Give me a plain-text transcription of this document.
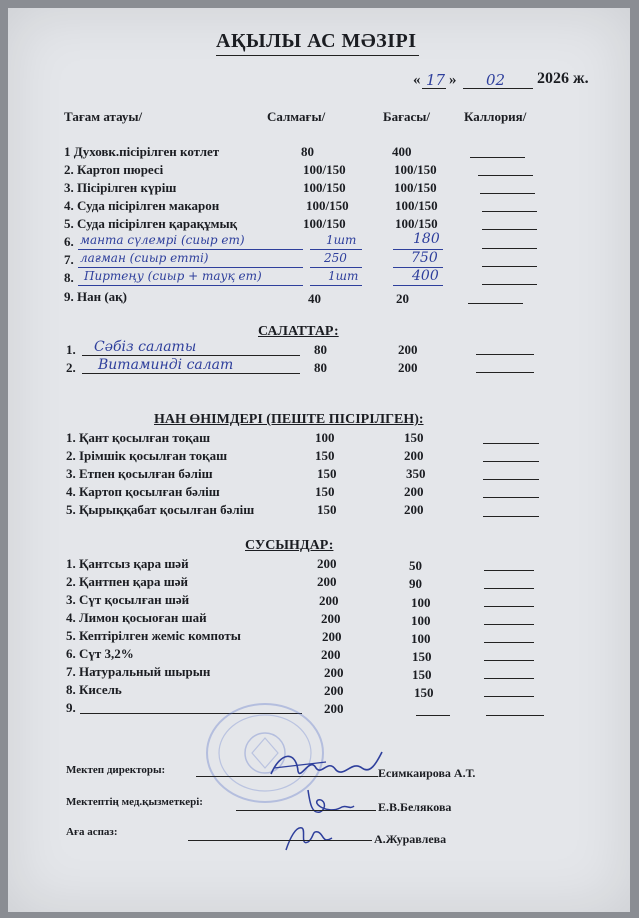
АҚЫЛЫ АС МӘЗІРІ
« 17 » 02 2026 ж.
Тағам атауы/	Салмағы/	Бағасы/	Каллория/
1 Духовк.пісірілген котлет	80	400
2. Картоп пюресі	100/150	100/150
3. Пісірілген күріш	100/150	100/150
4. Суда пісірілген макарон	100/150	100/150
5. Суда пісірілген қарақұмық	100/150	100/150
6. манта сүлемрі (сиыр ет)	1шт	180
7. лағман (сиыр етті)	250	750
8. Пиртеңу (сиыр + тауқ ет)	1шт	400
9. Нан (ақ)	40	20
САЛАТТАР:
1. Сәбіз салаты	80	200
2. Витаминді салат	80	200
НАН ӨНІМДЕРІ (ПЕШТЕ ПІСІРІЛГЕН):
1. Қант қосылған тоқаш	100	150
2. Ірімшік қосылған тоқаш	150	200
3. Етпен қосылған бәліш	150	350
4. Картоп қосылған бәліш	150	200
5. Қырыққабат қосылған бәліш	150	200
СУСЫНДАР:
1. Қантсыз қара шәй	200	50
2. Қантпен қара шәй	200	90
3. Сүт қосылған шәй	200	100
4. Лимон қосыоған шай	200	100
5. Кептірілген жеміс компоты	200	100
6. Сүт 3,2%	200	150
7. Натуральный шырын	200	150
8. Кисель	200	150
9.	200
Мектеп директоры:	Есимкаирова А.Т.
Мектептің мед.қызметкері:	Е.В.Белякова
Аға аспаз:	А.Журавлева
